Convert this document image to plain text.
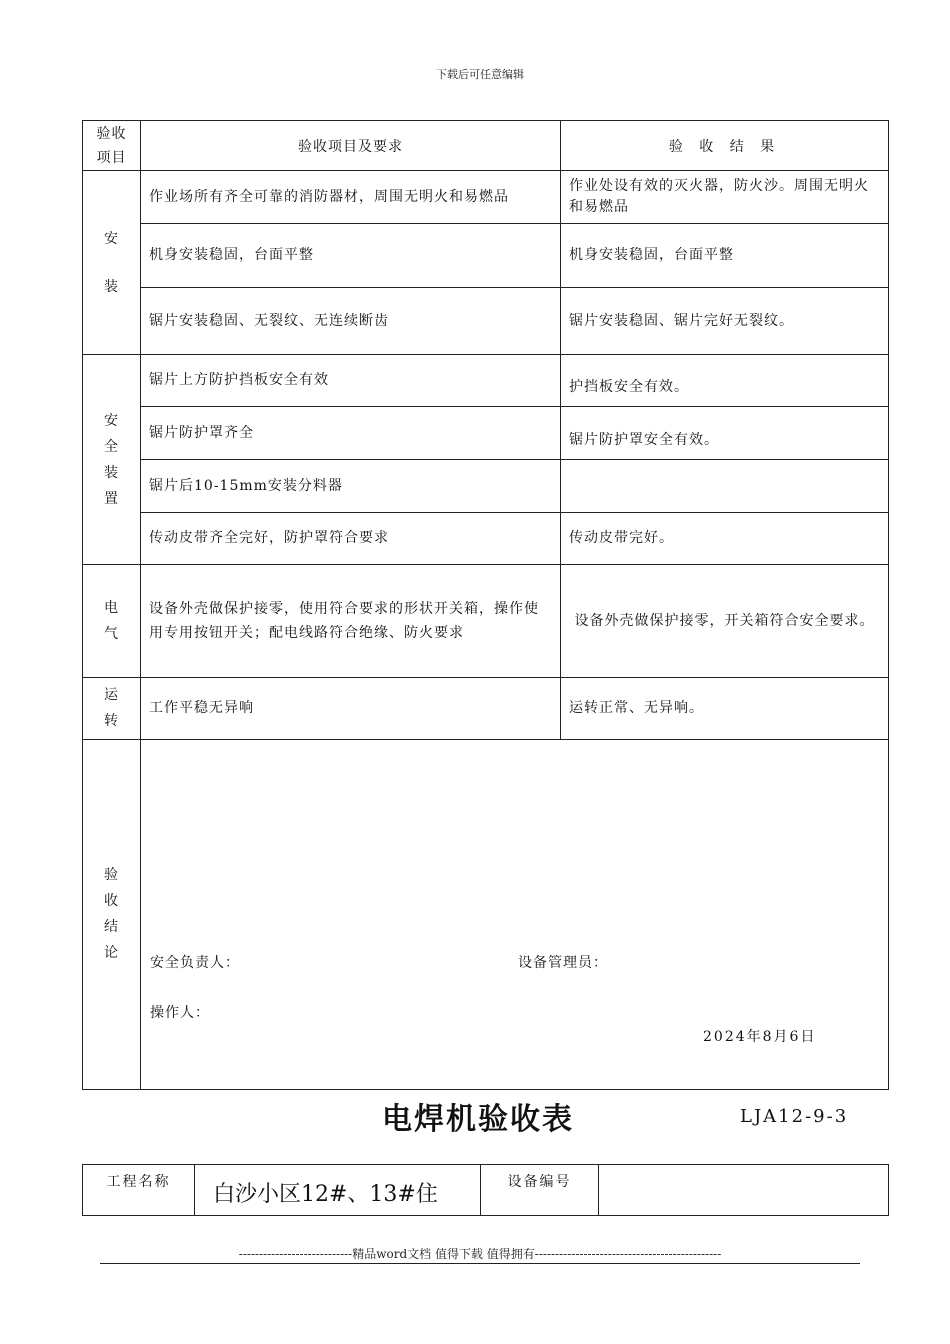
下载后可任意编辑
验收项目	验收项目及要求	验 收 结 果
安装	作业场所有齐全可靠的消防器材，周围无明火和易燃品	作业处设有效的灭火器，防火沙。周围无明火和易燃品
	机身安装稳固，台面平整	机身安装稳固，台面平整
	锯片安装稳固、无裂纹、无连续断齿	锯片安装稳固、锯片完好无裂纹。
安全装置	锯片上方防护挡板安全有效	护挡板安全有效。
	锯片防护罩齐全	锯片防护罩安全有效。
	锯片后10-15mm安装分料器	
	传动皮带齐全完好，防护罩符合要求	传动皮带完好。
电气	设备外壳做保护接零，使用符合要求的形状开关箱，操作使用专用按钮开关；配电线路符合绝缘、防火要求	设备外壳做保护接零，开关箱符合安全要求。
运转	工作平稳无异响	运转正常、无异响。
验收结论	安全负责人： 设备管理员：
操作人：
2024年8月6日	
电焊机验收表	LJA12-9-3
工程名称	白沙小区12#、13#住	设备编号	
----------------------------精品word文档 值得下载 值得拥有----------------------------------------------
